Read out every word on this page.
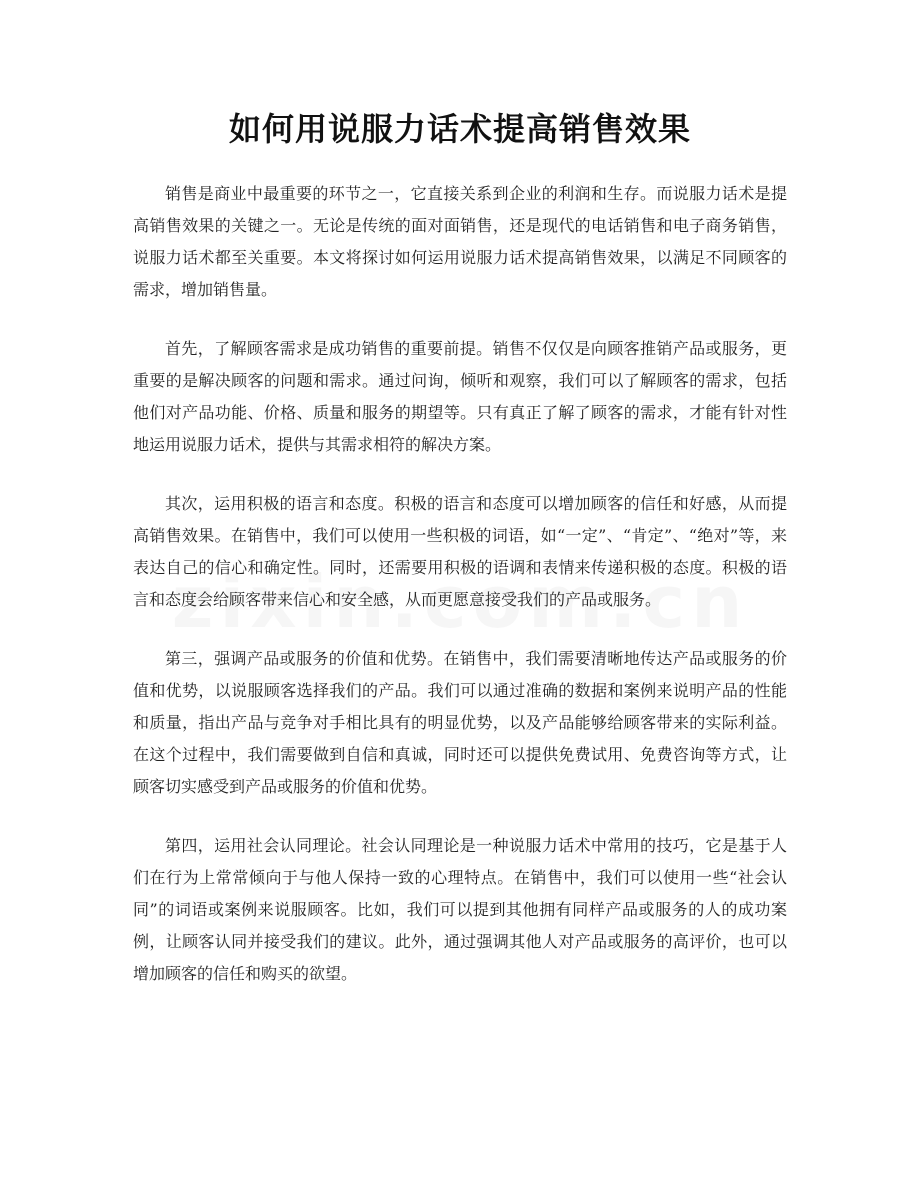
如何用说服力话术提高销售效果

销售是商业中最重要的环节之一，它直接关系到企业的利润和生存。而说服力话术是提高销售效果的关键之一。无论是传统的面对面销售，还是现代的电话销售和电子商务销售，说服力话术都至关重要。本文将探讨如何运用说服力话术提高销售效果，以满足不同顾客的需求，增加销售量。

首先，了解顾客需求是成功销售的重要前提。销售不仅仅是向顾客推销产品或服务，更重要的是解决顾客的问题和需求。通过问询，倾听和观察，我们可以了解顾客的需求，包括他们对产品功能、价格、质量和服务的期望等。只有真正了解了顾客的需求，才能有针对性地运用说服力话术，提供与其需求相符的解决方案。

其次，运用积极的语言和态度。积极的语言和态度可以增加顾客的信任和好感，从而提高销售效果。在销售中，我们可以使用一些积极的词语，如“一定”、“肯定”、“绝对”等，来表达自己的信心和确定性。同时，还需要用积极的语调和表情来传递积极的态度。积极的语言和态度会给顾客带来信心和安全感，从而更愿意接受我们的产品或服务。

第三，强调产品或服务的价值和优势。在销售中，我们需要清晰地传达产品或服务的价值和优势，以说服顾客选择我们的产品。我们可以通过准确的数据和案例来说明产品的性能和质量，指出产品与竞争对手相比具有的明显优势，以及产品能够给顾客带来的实际利益。在这个过程中，我们需要做到自信和真诚，同时还可以提供免费试用、免费咨询等方式，让顾客切实感受到产品或服务的价值和优势。

第四，运用社会认同理论。社会认同理论是一种说服力话术中常用的技巧，它是基于人们在行为上常常倾向于与他人保持一致的心理特点。在销售中，我们可以使用一些“社会认同”的词语或案例来说服顾客。比如，我们可以提到其他拥有同样产品或服务的人的成功案例，让顾客认同并接受我们的建议。此外，通过强调其他人对产品或服务的高评价，也可以增加顾客的信任和购买的欲望。
